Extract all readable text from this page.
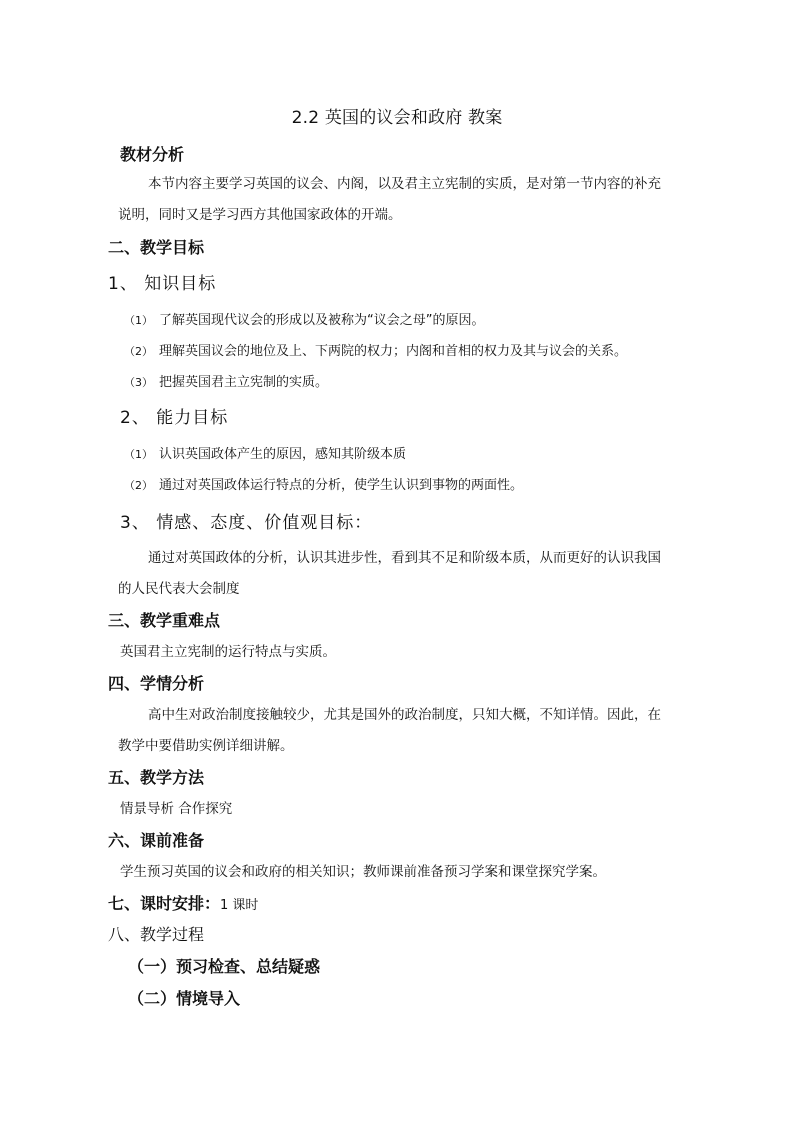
2.2 英国的议会和政府 教案
教材分析
本节内容主要学习英国的议会、内阁，以及君主立宪制的实质，是对第一节内容的补充
说明，同时又是学习西方其他国家政体的开端。
二、教学目标
1、 知识目标
（1） 了解英国现代议会的形成以及被称为“议会之母”的原因。
（2） 理解英国议会的地位及上、下两院的权力；内阁和首相的权力及其与议会的关系。
（3） 把握英国君主立宪制的实质。
2、 能力目标
（1） 认识英国政体产生的原因，感知其阶级本质
（2） 通过对英国政体运行特点的分析，使学生认识到事物的两面性。
3、 情感、态度、价值观目标：
通过对英国政体的分析，认识其进步性，看到其不足和阶级本质，从而更好的认识我国
的人民代表大会制度
三、教学重难点
英国君主立宪制的运行特点与实质。
四、学情分析
高中生对政治制度接触较少，尤其是国外的政治制度，只知大概，不知详情。因此，在
教学中要借助实例详细讲解。
五、教学方法
情景导析 合作探究
六、课前准备
学生预习英国的议会和政府的相关知识；教师课前准备预习学案和课堂探究学案。
七、课时安排：1 课时
八、教学过程
（一）预习检查、总结疑惑
（二）情境导入
